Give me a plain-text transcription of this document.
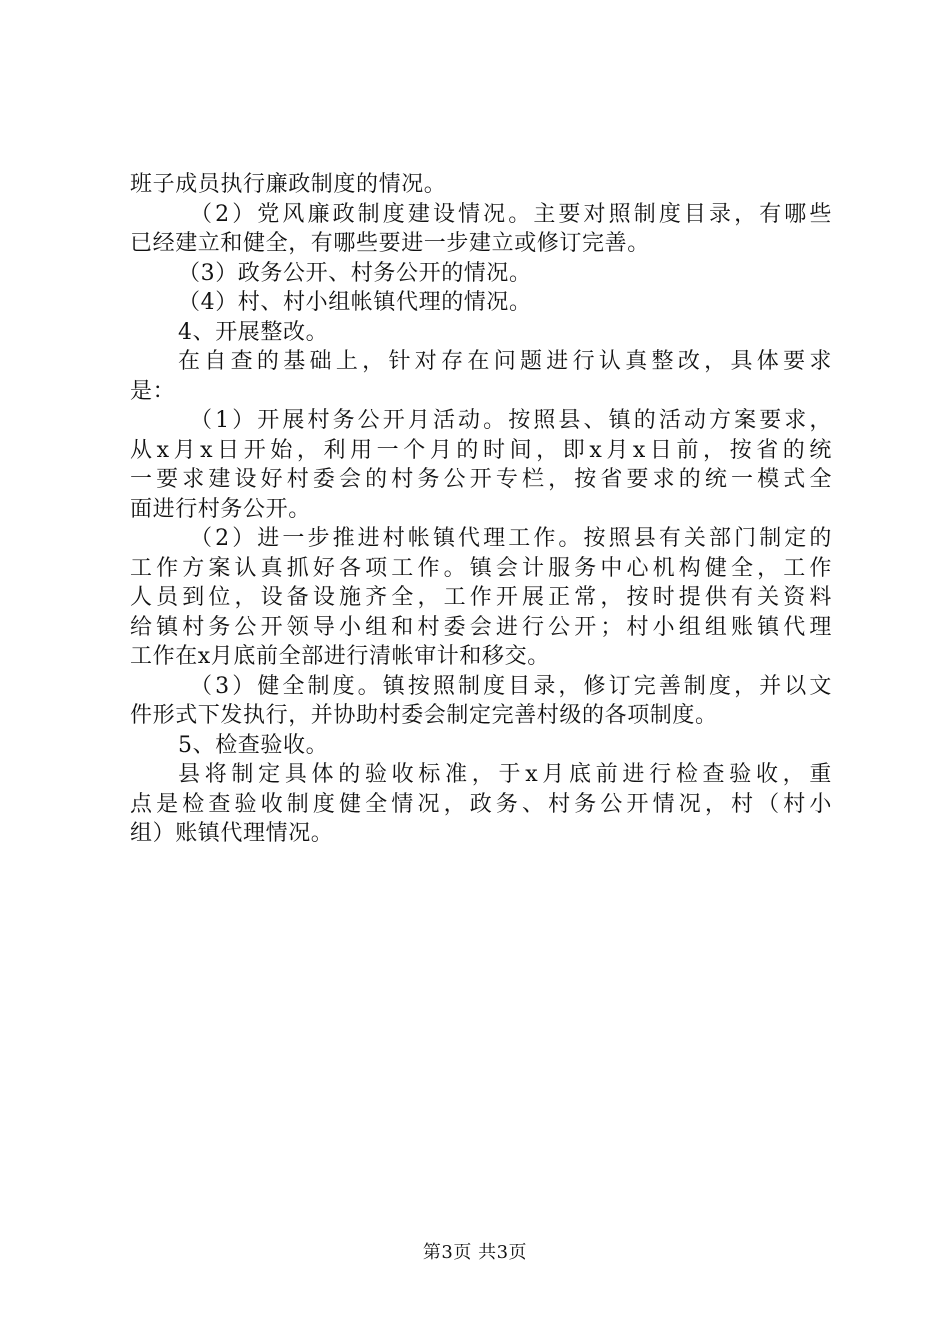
班子成员执行廉政制度的情况。
（2）党风廉政制度建设情况。主要对照制度目录，有哪些
已经建立和健全，有哪些要进一步建立或修订完善。
（3）政务公开、村务公开的情况。
（4）村、村小组帐镇代理的情况。
4、开展整改。
在自查的基础上，针对存在问题进行认真整改，具体要求
是：
（1）开展村务公开月活动。按照县、镇的活动方案要求，
从x月x日开始，利用一个月的时间，即x月x日前，按省的统
一要求建设好村委会的村务公开专栏，按省要求的统一模式全
面进行村务公开。
（2）进一步推进村帐镇代理工作。按照县有关部门制定的
工作方案认真抓好各项工作。镇会计服务中心机构健全，工作
人员到位，设备设施齐全，工作开展正常，按时提供有关资料
给镇村务公开领导小组和村委会进行公开；村小组组账镇代理
工作在x月底前全部进行清帐审计和移交。
（3）健全制度。镇按照制度目录，修订完善制度，并以文
件形式下发执行，并协助村委会制定完善村级的各项制度。
5、检查验收。
县将制定具体的验收标准，于x月底前进行检查验收，重
点是检查验收制度健全情况，政务、村务公开情况，村（村小
组）账镇代理情况。
第3页 共3页
